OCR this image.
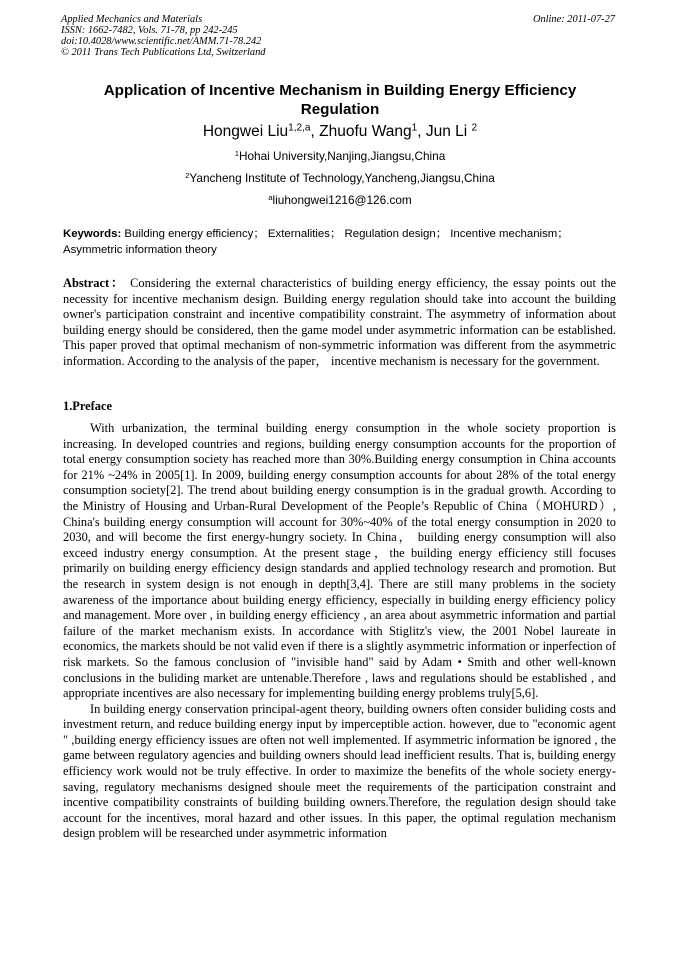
Applied Mechanics and Materials
ISSN: 1662-7482, Vols. 71-78, pp 242-245
doi:10.4028/www.scientific.net/AMM.71-78.242
© 2011 Trans Tech Publications Ltd, Switzerland
Online: 2011-07-27
Application of Incentive Mechanism in Building Energy Efficiency
Regulation
Hongwei Liu$^{1,2,a}$, Zhuofu Wang$^1$, Jun Li $^2$
$^1$Hohai University,Nanjing,Jiangsu,China
$^2$Yancheng Institute of Technology,Yancheng,Jiangsu,China
$^a$liuhongwei1216@126.com
Keywords: Building energy efficiency； Externalities； Regulation design； Incentive mechanism； Asymmetric information theory
Abstract： Considering the external characteristics of building energy efficiency, the essay points out the necessity for incentive mechanism design. Building energy regulation should take into account the building owner's participation constraint and incentive compatibility constraint. The asymmetry of information about building energy should be considered, then the game model under asymmetric information can be established. This paper proved that optimal mechanism of non-symmetric information was different from the asymmetric information. According to the analysis of the paper， incentive mechanism is necessary for the government.
1.Preface

With urbanization, the terminal building energy consumption in the whole society proportion is increasing. In developed countries and regions, building energy consumption accounts for the proportion of total energy consumption society has reached more than 30%.Building energy consumption in China accounts for 21% ~24% in 2005[1]. In 2009, building energy consumption accounts for about 28% of the total energy consumption society[2]. The trend about building energy consumption is in the gradual growth. According to the Ministry of Housing and Urban-Rural Development of the People’s Republic of China（MOHURD）, China's building energy consumption will account for 30%~40% of the total energy consumption in 2020 to 2030, and will become the first energy-hungry society. In China， building energy consumption will also exceed industry energy consumption. At the present stage，the building energy efficiency still focuses primarily on building energy efficiency design standards and applied technology research and promotion. But the research in system design is not enough in depth[3,4]. There are still many problems in the society awareness of the importance about building energy efficiency, especially in building energy efficiency policy and management. More over , in building energy efficiency , an area about asymmetric information and partial failure of the market mechanism exists. In accordance with Stiglitz's view, the 2001 Nobel laureate in economics, the markets should be not valid even if there is a slightly asymmetric information or inperfection of risk markets. So the famous conclusion of "invisible hand" said by Adam • Smith and other well-known conclusions in the buliding market are untenable.Therefore , laws and regulations should be established , and appropriate incentives are also necessary for implementing building energy problems truly[5,6].

In building energy conservation principal-agent theory, building owners often consider buliding costs and investment return, and reduce building energy input by imperceptible action. however, due to "economic agent " ,building energy efficiency issues are often not well implemented. If asymmetric information be ignored , the game between regulatory agencies and building owners should lead inefficient results. That is, building energy efficiency work would not be truly effective. In order to maximize the benefits of the whole society energy-saving, regulatory mechanisms designed shoule meet the requirements of the participation constraint and incentive compatibility constraints of building building owners.Therefore, the regulation design should take account for the incentives, moral hazard and other issues. In this paper, the optimal regulation mechanism design problem will be researched under asymmetric information
